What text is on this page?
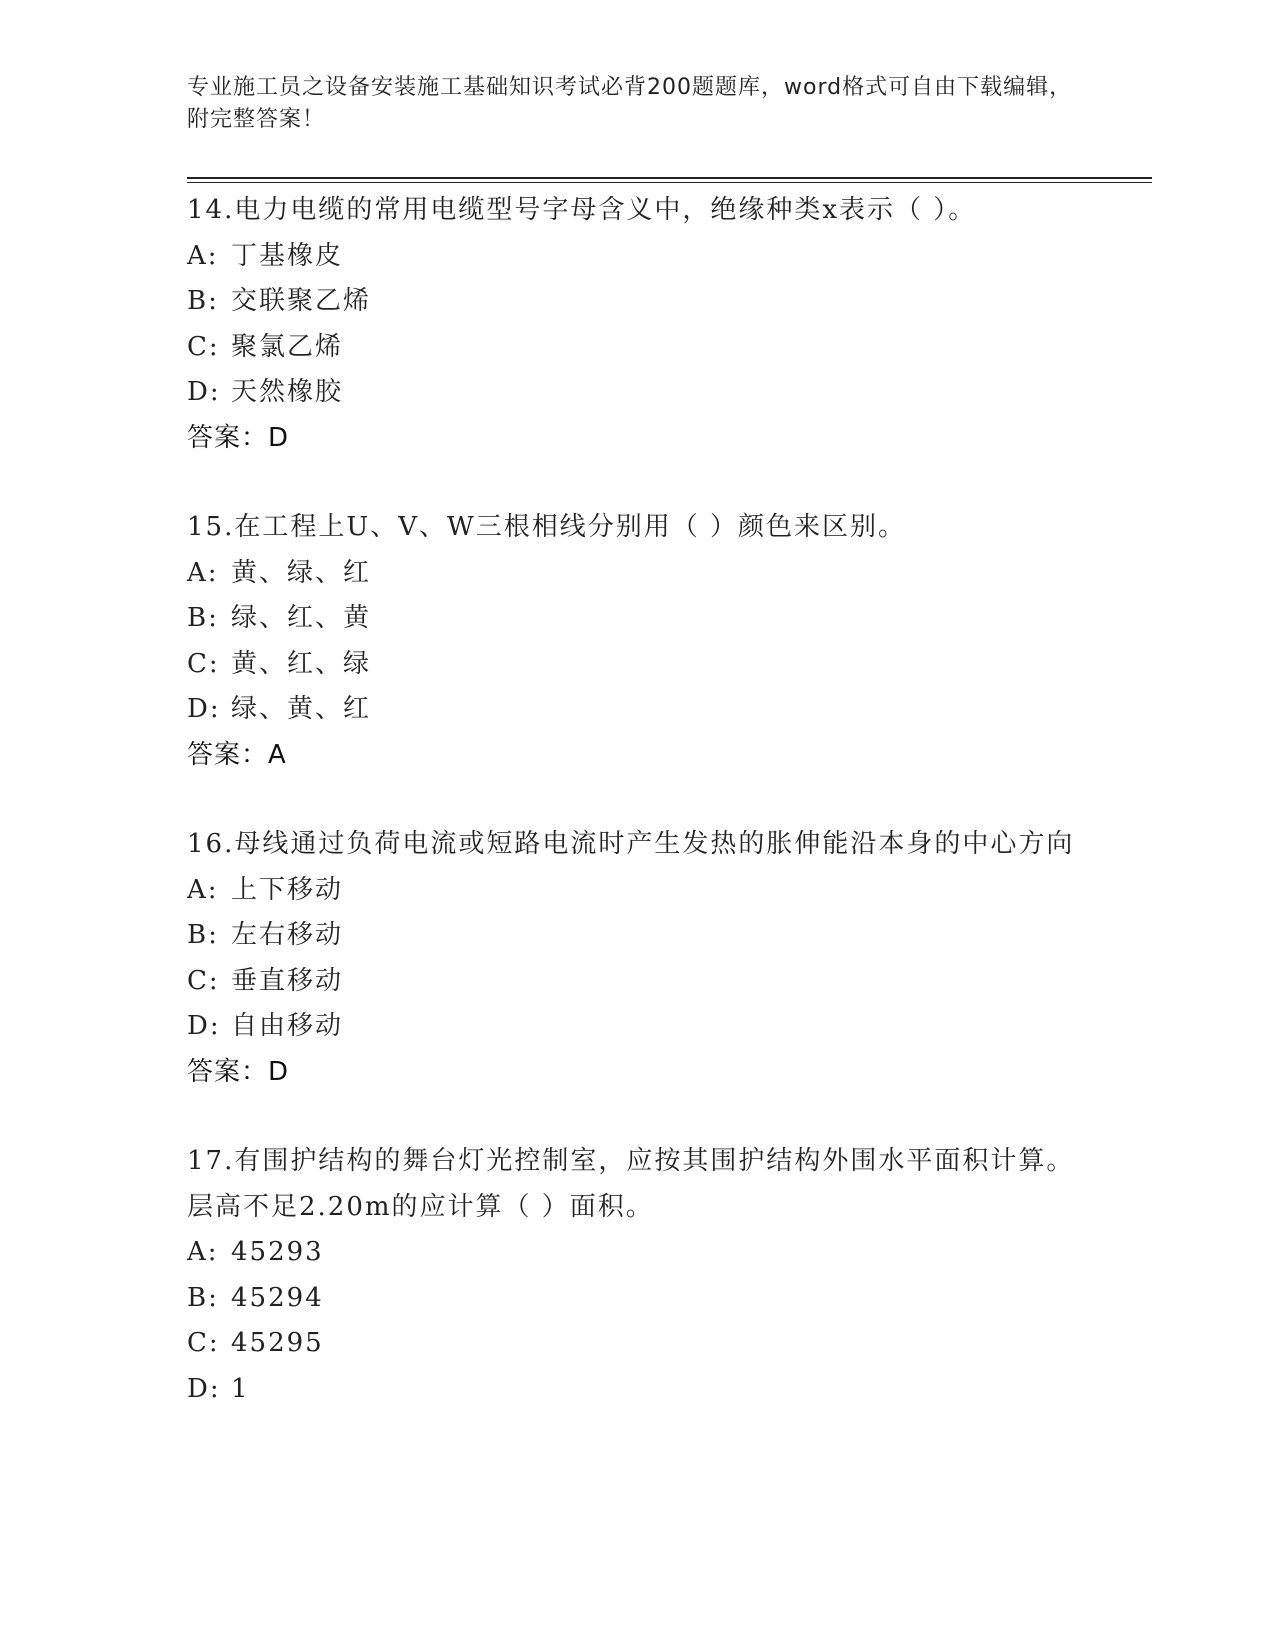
专业施工员之设备安装施工基础知识考试必背200题题库，word格式可自由下载编辑，附完整答案！
14.电力电缆的常用电缆型号字母含义中，绝缘种类x表示（ ）。
A: 丁基橡皮
B: 交联聚乙烯
C: 聚氯乙烯
D: 天然橡胶
答案：D
15.在工程上U、V、W三根相线分别用（ ）颜色来区别。
A: 黄、绿、红
B: 绿、红、黄
C: 黄、红、绿
D: 绿、黄、红
答案：A
16.母线通过负荷电流或短路电流时产生发热的胀伸能沿本身的中心方向
A: 上下移动
B: 左右移动
C: 垂直移动
D: 自由移动
答案：D
17.有围护结构的舞台灯光控制室，应按其围护结构外围水平面积计算。层高不足2.20m的应计算（ ）面积。
A: 45293
B: 45294
C: 45295
D: 1
